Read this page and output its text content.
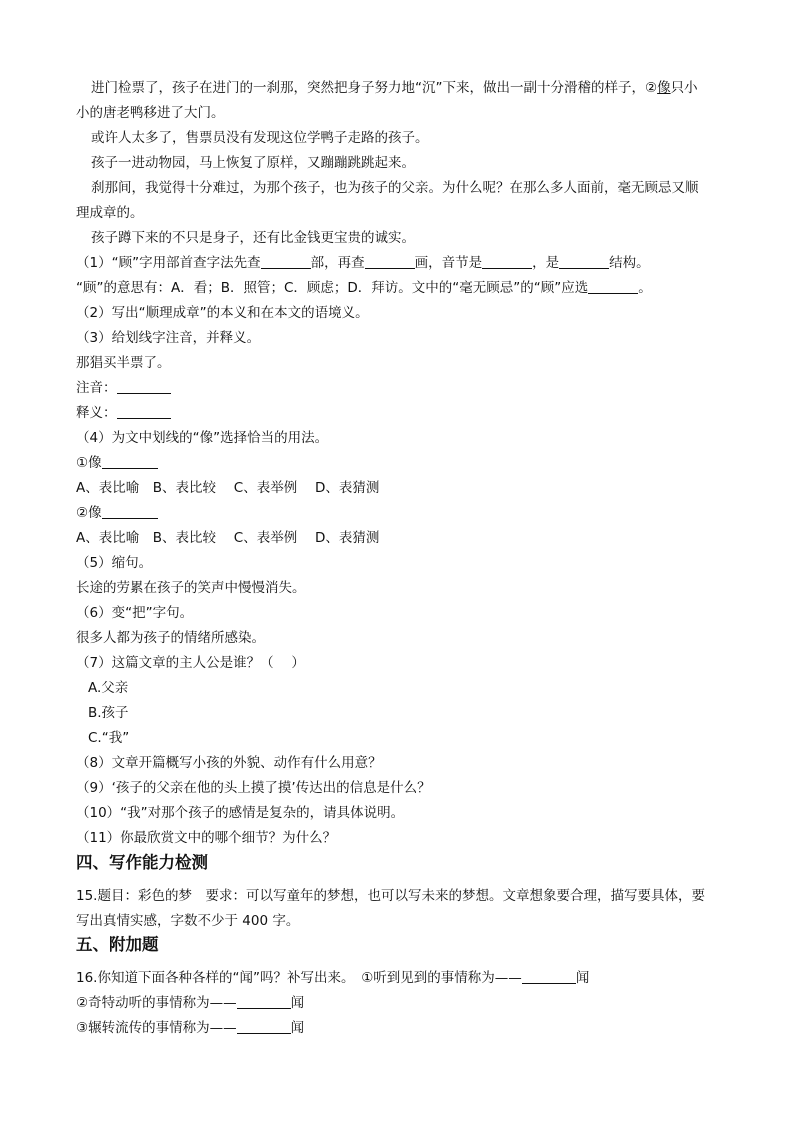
进门检票了，孩子在进门的一刹那，突然把身子努力地“沉”下来，做出一副十分滑稽的样子，②像只小
小的唐老鸭移进了大门。
或许人太多了，售票员没有发现这位学鸭子走路的孩子。
孩子一进动物园，马上恢复了原样，又蹦蹦跳跳起来。
刹那间，我觉得十分难过，为那个孩子，也为孩子的父亲。为什么呢？在那么多人面前，毫无顾忌又顺
理成章的。
孩子蹲下来的不只是身子，还有比金钱更宝贵的诚实。
（1）“顾”字用部首查字法先查	部，再查	画，音节是	，是	结构。
“顾”的意思有：A．看；B．照管；C．顾虑；D．拜访。文中的“毫无顾忌”的“顾”应选	。
（2）写出“顺理成章”的本义和在本文的语境义。
（3）给划线字注音，并释义。
那猖买半票了。
注音：
释义：
（4）为文中划线的“像”选择恰当的用法。
①像
A、表比喻　B、表比较　 C、表举例　 D、表猜测
②像
A、表比喻　B、表比较　 C、表举例　 D、表猜测
（5）缩句。
长途的劳累在孩子的笑声中慢慢消失。
（6）变“把”字句。
很多人都为孩子的情绪所感染。
（7）这篇文章的主人公是谁？（　 ）
A.父亲
B.孩子
C.“我”
（8）文章开篇概写小孩的外貌、动作有什么用意？
（9）‘孩子的父亲在他的头上摸了摸’传达出的信息是什么？
（10）“我”对那个孩子的感情是复杂的，请具体说明。
（11）你最欣赏文中的哪个细节？为什么？
四、写作能力检测
15.题目：彩色的梦　要求：可以写童年的梦想，也可以写未来的梦想。文章想象要合理，描写要具体，要
写出真情实感，字数不少于 400 字。
五、附加题
16.你知道下面各种各样的“闻”吗？补写出来。　①听到见到的事情称为——	闻
②奇特动听的事情称为——	闻
③辗转流传的事情称为——	闻
